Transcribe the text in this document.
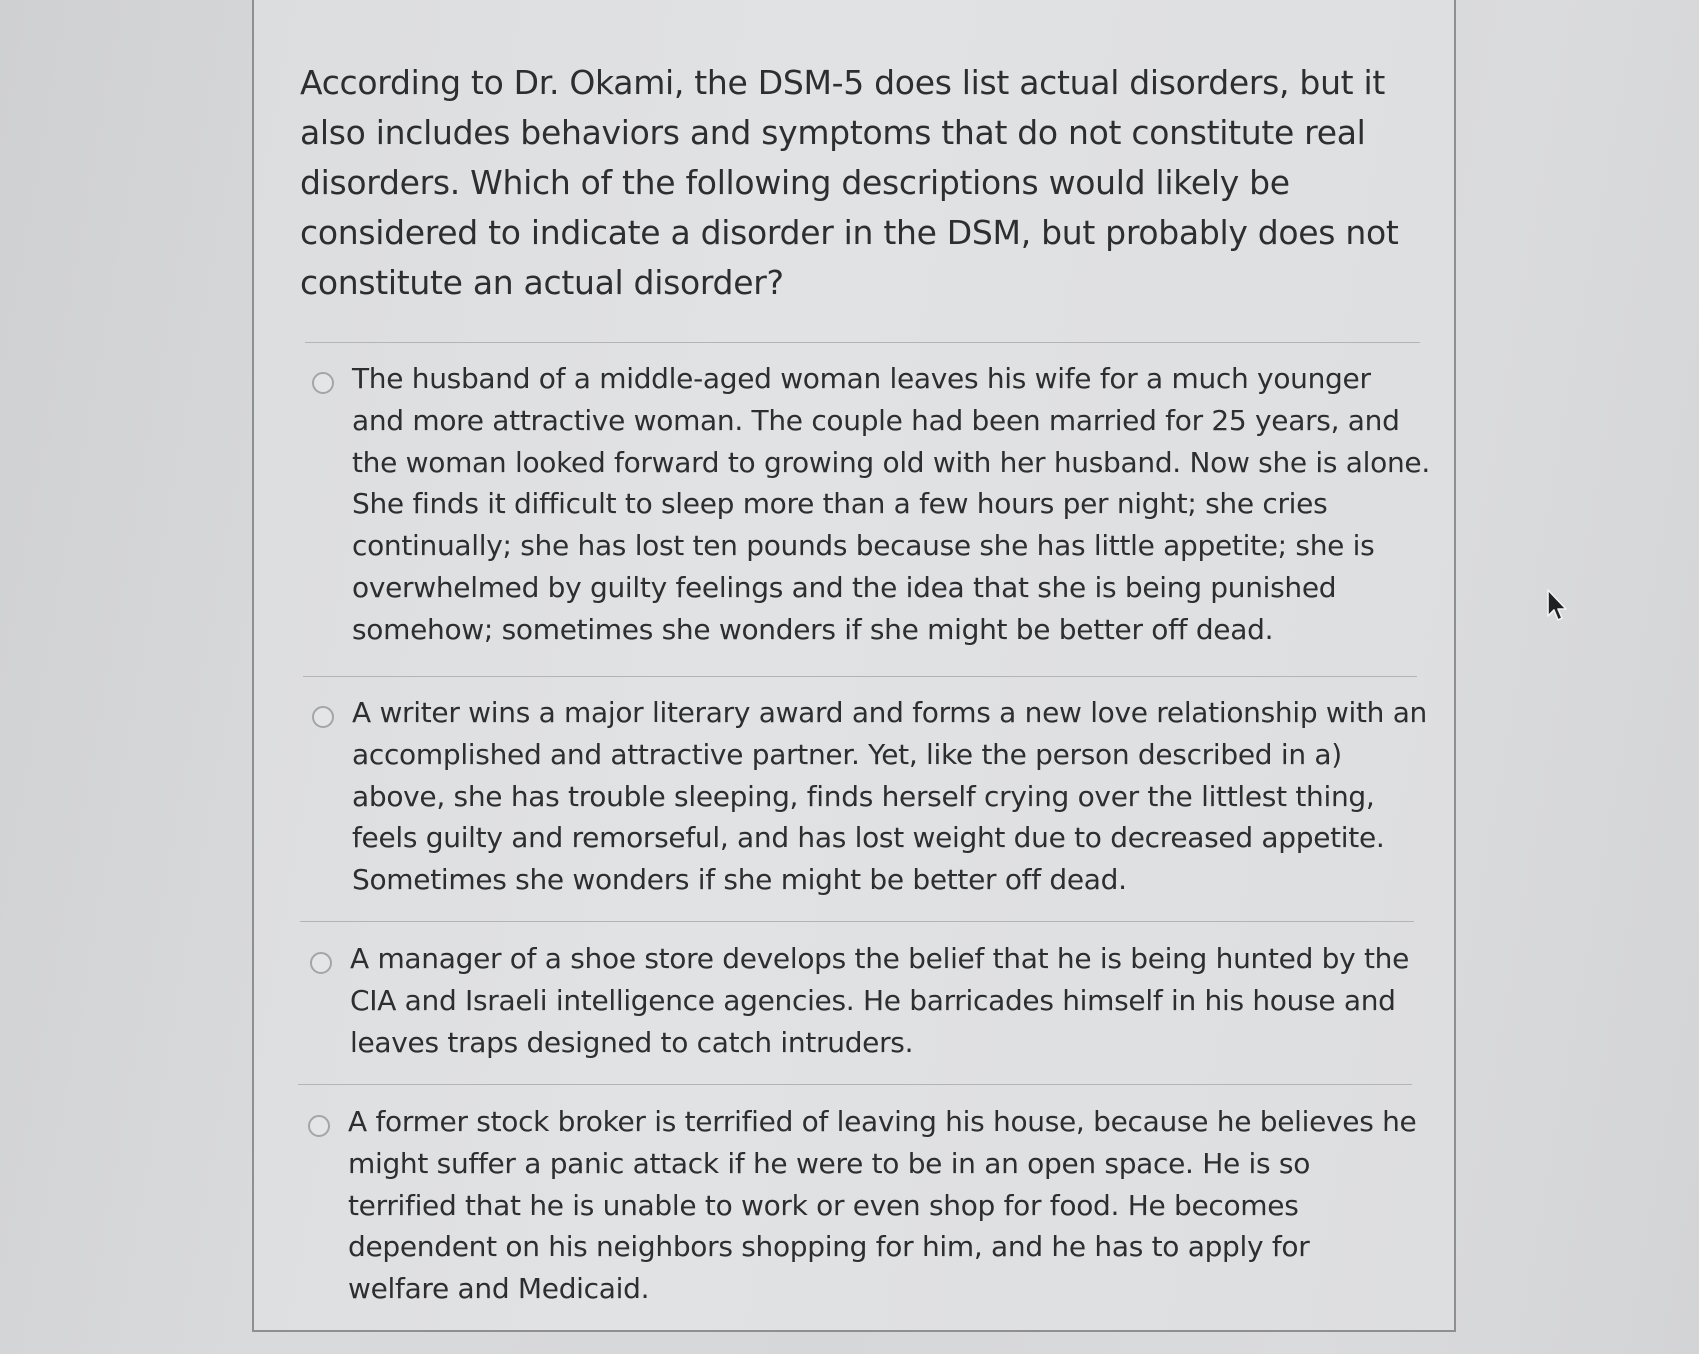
According to Dr. Okami, the DSM-5 does list actual disorders, but it also includes behaviors and symptoms that do not constitute real disorders. Which of the following descriptions would likely be considered to indicate a disorder in the DSM, but probably does not constitute an actual disorder?

The husband of a middle-aged woman leaves his wife for a much younger and more attractive woman. The couple had been married for 25 years, and the woman looked forward to growing old with her husband. Now she is alone. She finds it difficult to sleep more than a few hours per night; she cries continually; she has lost ten pounds because she has little appetite; she is overwhelmed by guilty feelings and the idea that she is being punished somehow; sometimes she wonders if she might be better off dead.

A writer wins a major literary award and forms a new love relationship with an accomplished and attractive partner. Yet, like the person described in a) above, she has trouble sleeping, finds herself crying over the littlest thing, feels guilty and remorseful, and has lost weight due to decreased appetite. Sometimes she wonders if she might be better off dead.

A manager of a shoe store develops the belief that he is being hunted by the CIA and Israeli intelligence agencies. He barricades himself in his house and leaves traps designed to catch intruders.

A former stock broker is terrified of leaving his house, because he believes he might suffer a panic attack if he were to be in an open space. He is so terrified that he is unable to work or even shop for food. He becomes dependent on his neighbors shopping for him, and he has to apply for welfare and Medicaid.
